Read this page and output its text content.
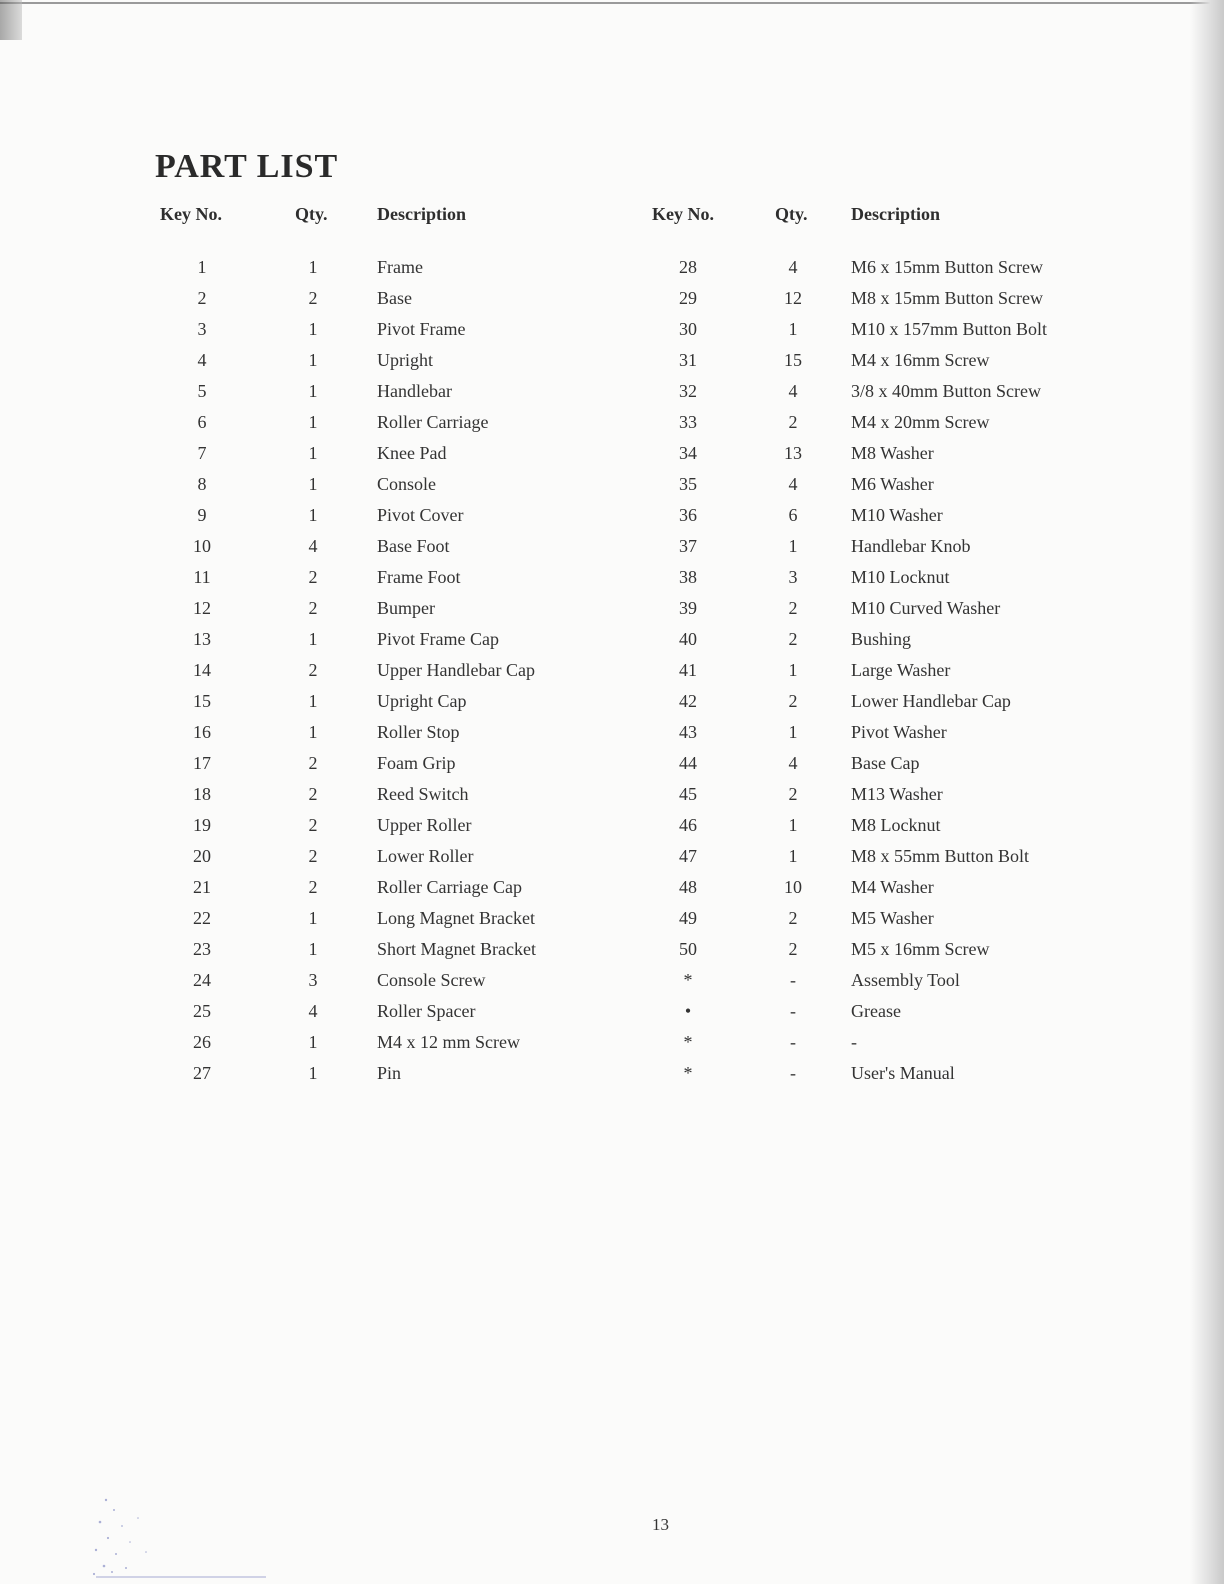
PART LIST
Key No.	Qty.	Description
1	1	Frame
2	2	Base
3	1	Pivot Frame
4	1	Upright
5	1	Handlebar
6	1	Roller Carriage
7	1	Knee Pad
8	1	Console
9	1	Pivot Cover
10	4	Base Foot
11	2	Frame Foot
12	2	Bumper
13	1	Pivot Frame Cap
14	2	Upper Handlebar Cap
15	1	Upright Cap
16	1	Roller Stop
17	2	Foam Grip
18	2	Reed Switch
19	2	Upper Roller
20	2	Lower Roller
21	2	Roller Carriage Cap
22	1	Long Magnet Bracket
23	1	Short Magnet Bracket
24	3	Console Screw
25	4	Roller Spacer
26	1	M4 x 12 mm Screw
27	1	Pin
Key No.	Qty. Description
28	4	M6 x 15mm Button Screw
29	12	M8 x 15mm Button Screw
30	1	M10 x 157mm Button Bolt
31	15	M4 x 16mm Screw
32	4	3/8 x 40mm Button Screw
33	2	M4 x 20mm Screw
34	13	M8 Washer
35	4	M6 Washer
36	6	M10 Washer
37	1	Handlebar Knob
38	3	M10 Locknut
39	2	M10 Curved Washer
40	2	Bushing
41	1	Large Washer
42	2	Lower Handlebar Cap
43	1	Pivot Washer
44	4	Base Cap
45	2	M13 Washer
46	1	M8 Locknut
47	1	M8 x 55mm Button Bolt
48	10	M4 Washer
49	2	M5 Washer
50	2	M5 x 16mm Screw
*	-	Assembly Tool
•	-	Grease
*	-	-
*	-	User's Manual
13
